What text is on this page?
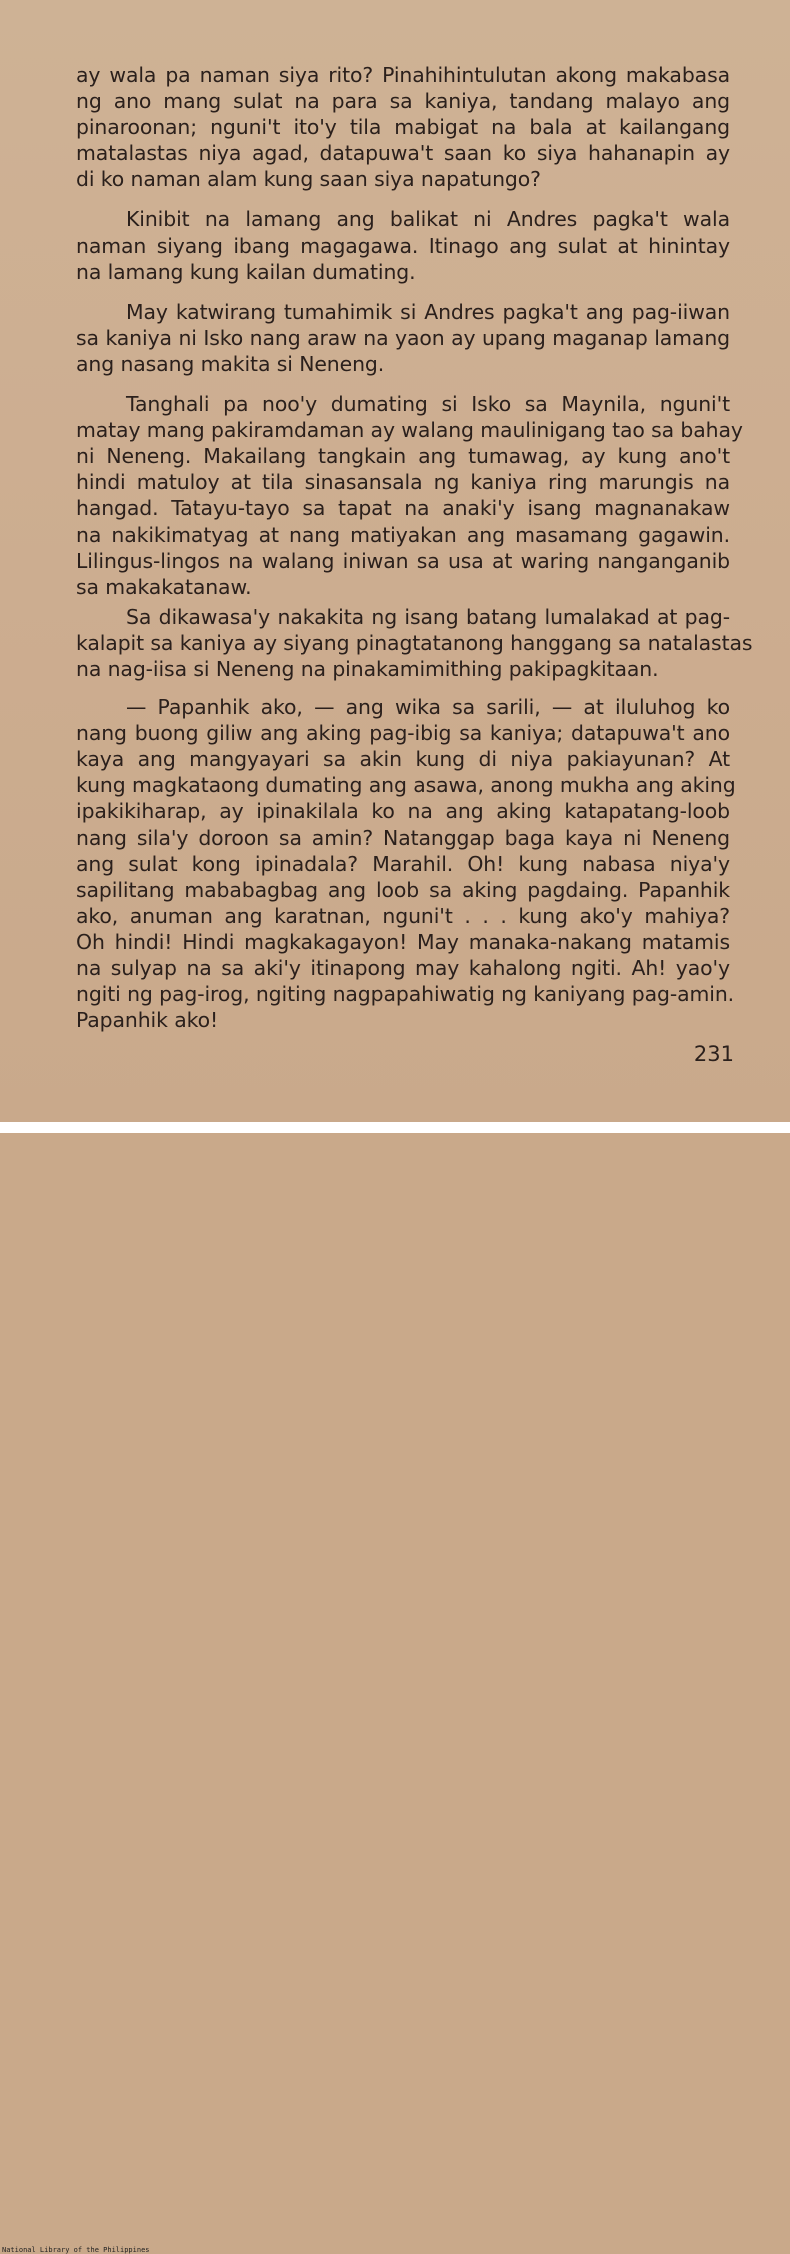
ay wala pa naman siya rito? Pinahihintulutan akong makabasa
ng ano mang sulat na para sa kaniya, tandang malayo ang
pinaroonan; nguni't ito'y tila mabigat na bala at kailangang
matalastas niya agad, datapuwa't saan ko siya hahanapin ay
di ko naman alam kung saan siya napatungo?

Kinibit na lamang ang balikat ni Andres pagka't wala
naman siyang ibang magagawa. Itinago ang sulat at hinintay
na lamang kung kailan dumating.

May katwirang tumahimik si Andres pagka't ang pag-iiwan
sa kaniya ni Isko nang araw na yaon ay upang maganap lamang
ang nasang makita si Neneng.

Tanghali pa noo'y dumating si Isko sa Maynila, nguni't
matay mang pakiramdaman ay walang maulinigang tao sa bahay
ni Neneng. Makailang tangkain ang tumawag, ay kung ano't
hindi matuloy at tila sinasansala ng kaniya ring marungis na
hangad. Tatayu-tayo sa tapat na anaki'y isang magnanakaw
na nakikimatyag at nang matiyakan ang masamang gagawin.
Lilingus-lingos na walang iniwan sa usa at waring nanganganib
sa makakatanaw.

Sa dikawasa'y nakakita ng isang batang lumalakad at pag-
kalapit sa kaniya ay siyang pinagtatanong hanggang sa natalastas
na nag-iisa si Neneng na pinakamimithing pakipagkitaan.

— Papanhik ako, — ang wika sa sarili, — at iluluhog ko
nang buong giliw ang aking pag-ibig sa kaniya; datapuwa't ano
kaya ang mangyayari sa akin kung di niya pakiayunan? At
kung magkataong dumating ang asawa, anong mukha ang aking
ipakikiharap, ay ipinakilala ko na ang aking katapatang-loob
nang sila'y doroon sa amin? Natanggap baga kaya ni Neneng
ang sulat kong ipinadala? Marahil. Oh! kung nabasa niya'y
sapilitang mababagbag ang loob sa aking pagdaing. Papanhik
ako, anuman ang karatnan, nguni't . . . kung ako'y mahiya?
Oh hindi! Hindi magkakagayon! May manaka-nakang matamis
na sulyap na sa aki'y itinapong may kahalong ngiti. Ah! yao'y
ngiti ng pag-irog, ngiting nagpapahiwatig ng kaniyang pag-amin.
Papanhik ako!

231
National Library of the Philippines
